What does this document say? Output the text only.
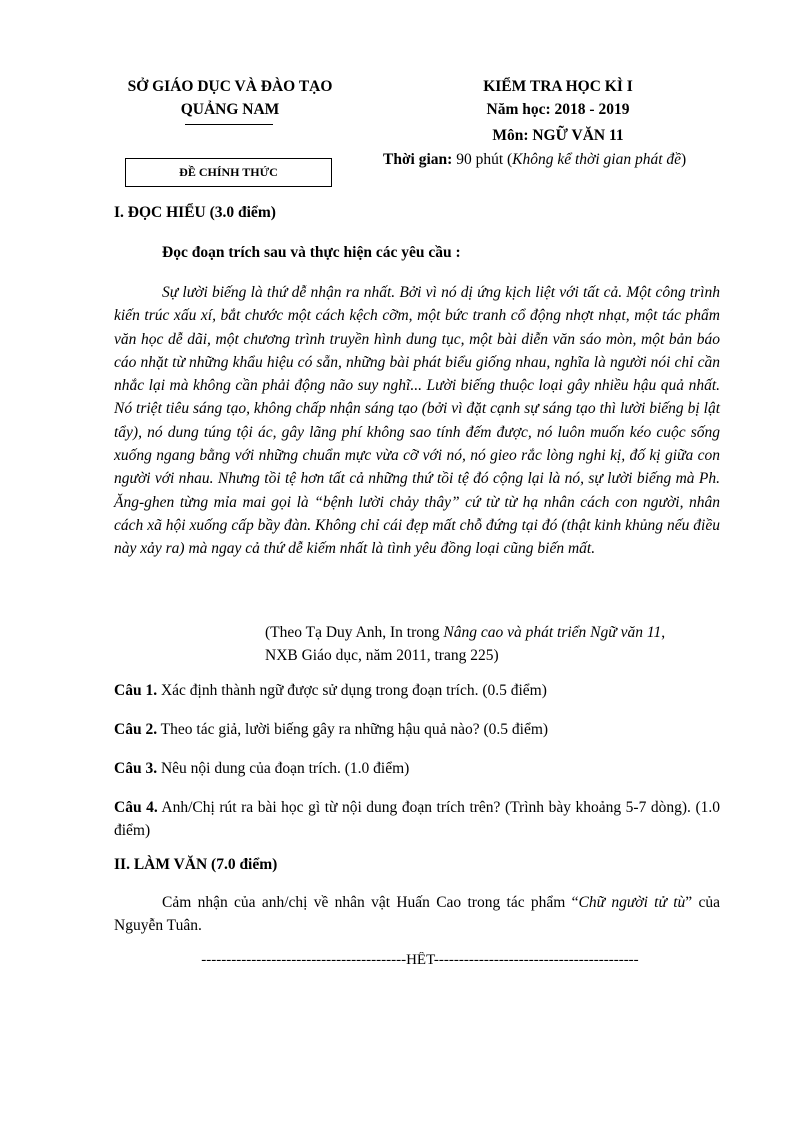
SỞ GIÁO DỤC VÀ ĐÀO TẠO
QUẢNG NAM
ĐỀ CHÍNH THỨC
KIỂM TRA HỌC KÌ I
Năm học: 2018 - 2019
Môn: NGỮ VĂN 11
Thời gian: 90 phút (Không kể thời gian phát đề)
I. ĐỌC HIỂU (3.0 điểm)
Đọc đoạn trích sau và thực hiện các yêu cầu :

Sự lười biếng là thứ dễ nhận ra nhất. Bởi vì nó dị ứng kịch liệt với tất cả. Một công trình kiến trúc xấu xí, bắt chước một cách kệch cỡm, một bức tranh cổ động nhợt nhạt, một tác phẩm văn học dễ dãi, một chương trình truyền hình dung tục, một bài diễn văn sáo mòn, một bản báo cáo nhặt từ những khẩu hiệu có sẵn, những bài phát biểu giống nhau, nghĩa là người nói chỉ cần nhắc lại mà không cần phải động não suy nghĩ... Lười biếng thuộc loại gây nhiều hậu quả nhất. Nó triệt tiêu sáng tạo, không chấp nhận sáng tạo (bởi vì đặt cạnh sự sáng tạo thì lười biếng bị lật tẩy), nó dung túng tội ác, gây lãng phí không sao tính đếm được, nó luôn muốn kéo cuộc sống xuống ngang bằng với những chuẩn mực vừa cỡ với nó, nó gieo rắc lòng nghi kị, đố kị giữa con người với nhau. Nhưng tồi tệ hơn tất cả những thứ tồi tệ đó cộng lại là nó, sự lười biếng mà Ph. Ăng-ghen từng mỉa mai gọi là “bệnh lười chảy thây” cứ từ từ hạ nhân cách con người, nhân cách xã hội xuống cấp bầy đàn. Không chỉ cái đẹp mất chỗ đứng tại đó (thật kinh khủng nếu điều này xảy ra) mà ngay cả thứ dễ kiếm nhất là tình yêu đồng loại cũng biến mất.

(Theo Tạ Duy Anh, In trong Nâng cao và phát triển Ngữ văn 11,
NXB Giáo dục, năm 2011, trang 225)

Câu 1. Xác định thành ngữ được sử dụng trong đoạn trích. (0.5 điểm)

Câu 2. Theo tác giả, lười biếng gây ra những hậu quả nào? (0.5 điểm)

Câu 3. Nêu nội dung của đoạn trích. (1.0 điểm)

Câu 4. Anh/Chị rút ra bài học gì từ nội dung đoạn trích trên? (Trình bày khoảng 5-7 dòng). (1.0 điểm)

II. LÀM VĂN (7.0 điểm)

Cảm nhận của anh/chị về nhân vật Huấn Cao trong tác phẩm “Chữ người tử tù” của Nguyễn Tuân.

-----------------------------------------HẾT-----------------------------------------
